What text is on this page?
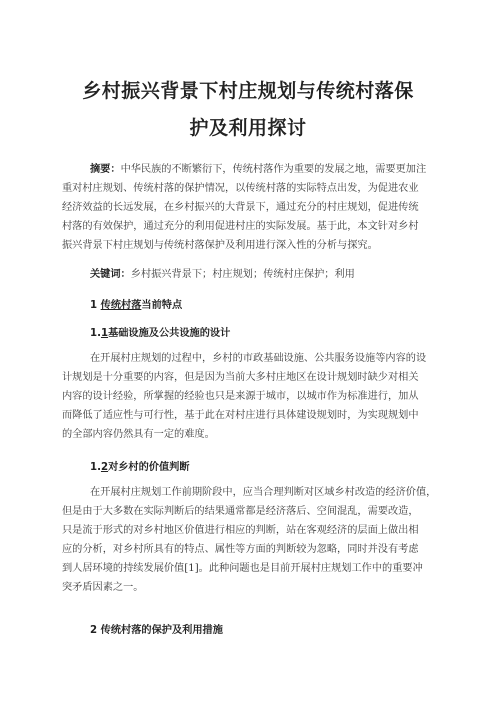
乡村振兴背景下村庄规划与传统村落保
护及利用探讨
摘要：中华民族的不断繁衍下，传统村落作为重要的发展之地，需要更加注
重对村庄规划、传统村落的保护情况，以传统村落的实际特点出发，为促进农业
经济效益的长远发展，在乡村振兴的大背景下，通过充分的村庄规划，促进传统
村落的有效保护，通过充分的利用促进村庄的实际发展。基于此，本文针对乡村
振兴背景下村庄规划与传统村落保护及利用进行深入性的分析与探究。
关键词：乡村振兴背景下；村庄规划；传统村庄保护；利用
1 传统村落当前特点
1.1基础设施及公共设施的设计
在开展村庄规划的过程中，乡村的市政基础设施、公共服务设施等内容的设
计规划是十分重要的内容，但是因为当前大多村庄地区在设计规划时缺少对相关
内容的设计经验，所掌握的经验也只是来源于城市，以城市作为标准进行，加从
而降低了适应性与可行性，基于此在对村庄进行具体建设规划时，为实现规划中
的全部内容仍然具有一定的难度。
1.2对乡村的价值判断
在开展村庄规划工作前期阶段中，应当合理判断对区域乡村改造的经济价值，
但是由于大多数在实际判断后的结果通常都是经济落后、空间混乱，需要改造，
只是流于形式的对乡村地区价值进行相应的判断，站在客观经济的层面上做出相
应的分析，对乡村所具有的特点、属性等方面的判断较为忽略，同时并没有考虑
到人居环境的持续发展价值[1]。此种问题也是目前开展村庄规划工作中的重要冲
突矛盾因素之一。
2 传统村落的保护及利用措施
